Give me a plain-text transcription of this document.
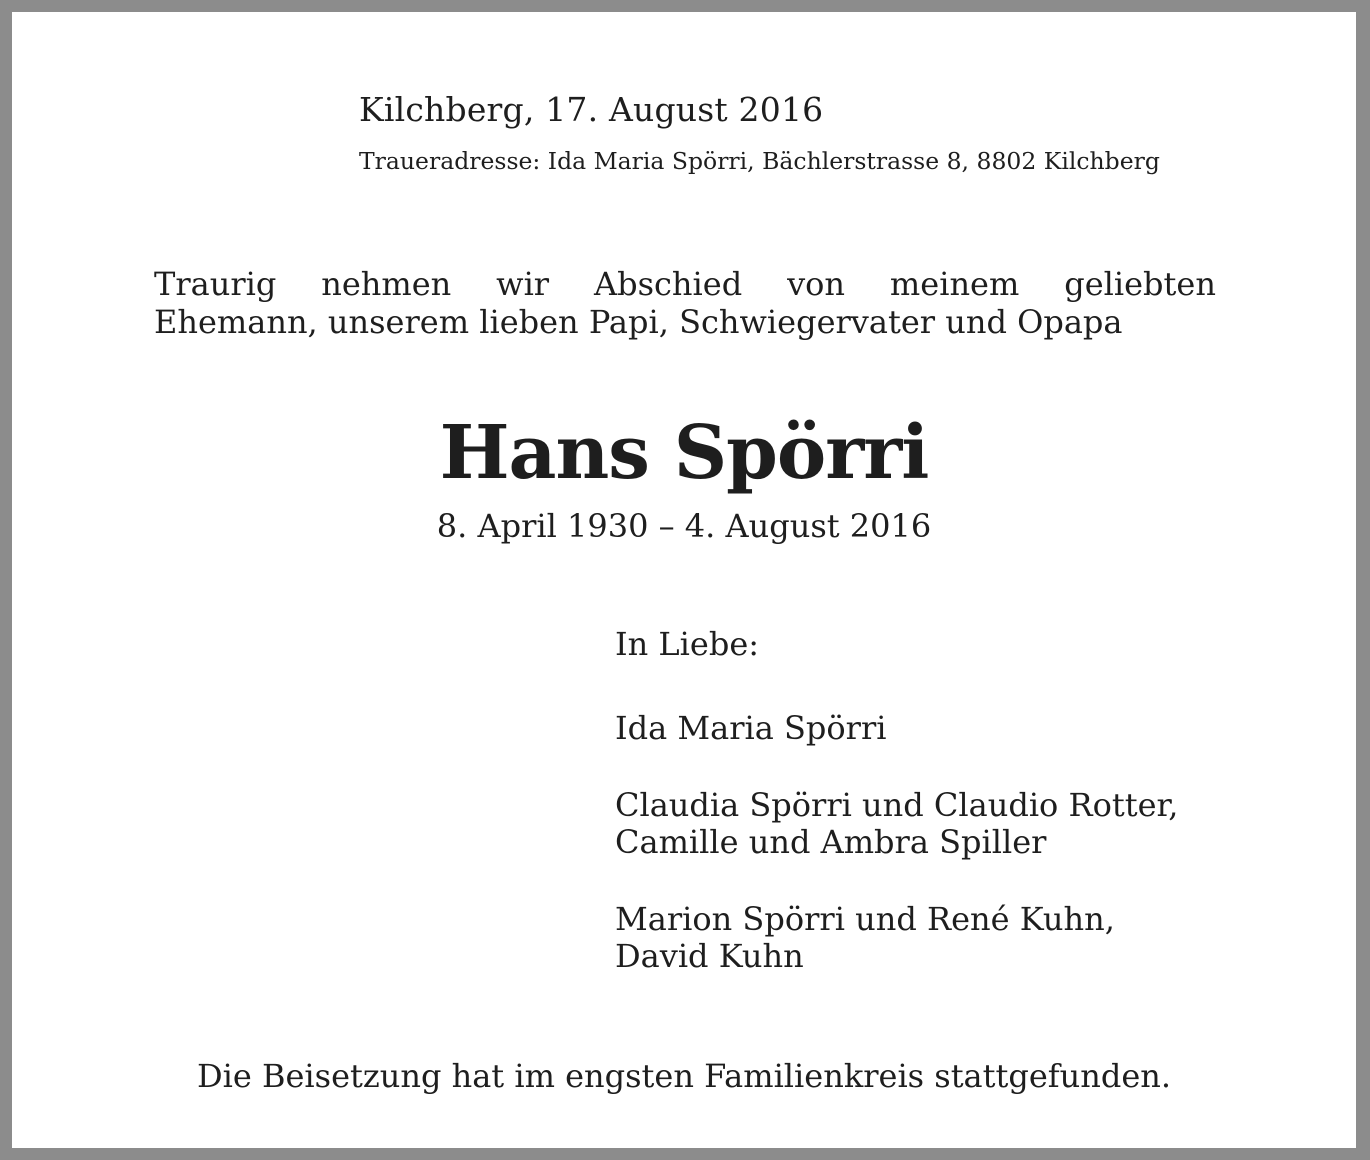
Kilchberg, 17. August 2016

Traueradresse: Ida Maria Spörri, Bächlerstrasse 8, 8802 Kilchberg

Traurig nehmen wir Abschied von meinem geliebten
Ehemann, unserem lieben Papi, Schwiegervater und Opapa
Hans Spörri

8. April 1930 – 4. August 2016

In Liebe:
Ida Maria Spörri
Claudia Spörri und Claudio Rotter,
Camille und Ambra Spiller
Marion Spörri und René Kuhn,
David Kuhn

Die Beisetzung hat im engsten Familienkreis stattgefunden.
